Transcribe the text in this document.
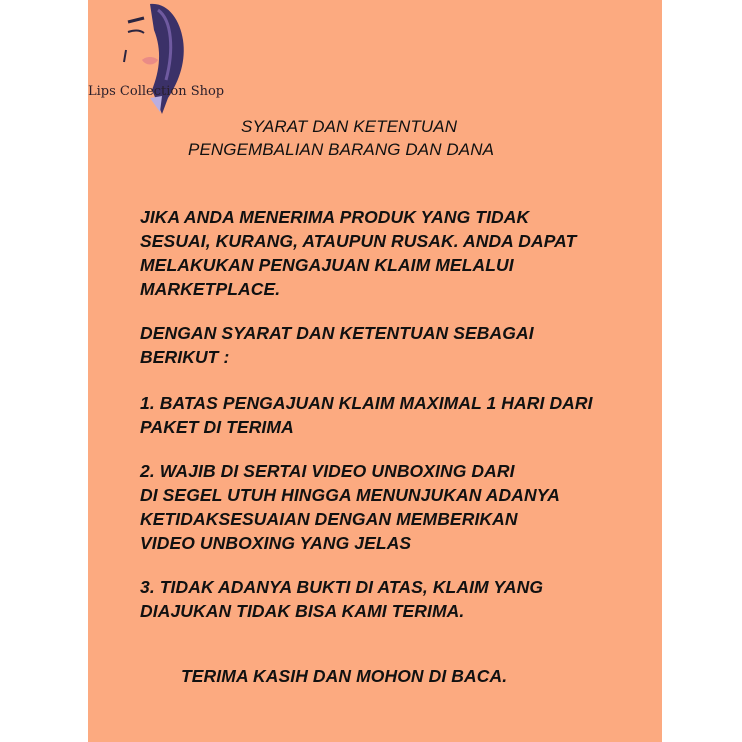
Lips Collection Shop
SYARAT DAN KETENTUAN
PENGEMBALIAN BARANG DAN DANA
JIKA ANDA MENERIMA PRODUK YANG TIDAK
SESUAI, KURANG, ATAUPUN RUSAK. ANDA DAPAT
MELAKUKAN PENGAJUAN KLAIM MELALUI
MARKETPLACE.
DENGAN SYARAT DAN KETENTUAN SEBAGAI
BERIKUT :
1. BATAS PENGAJUAN KLAIM MAXIMAL 1 HARI DARI
PAKET DI TERIMA
2. WAJIB DI SERTAI VIDEO UNBOXING DARI
DI SEGEL UTUH HINGGA MENUNJUKAN ADANYA
KETIDAKSESUAIAN DENGAN MEMBERIKAN
VIDEO UNBOXING YANG JELAS
3. TIDAK ADANYA BUKTI DI ATAS, KLAIM YANG
DIAJUKAN TIDAK BISA KAMI TERIMA.
TERIMA KASIH DAN MOHON DI BACA.
